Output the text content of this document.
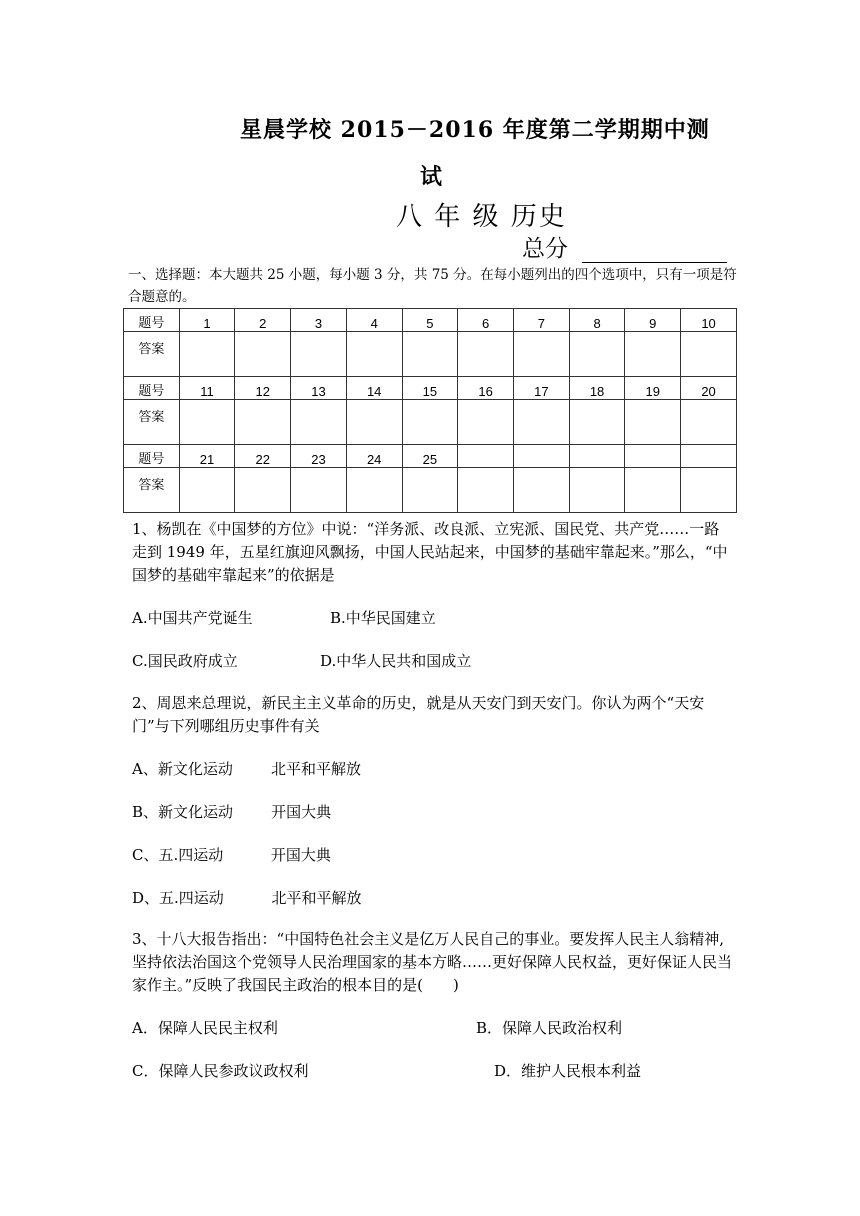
星晨学校 2015－2016 年度第二学期期中测
试
八 年 级 历史
总分
一、选择题：本大题共 25 小题，每小题 3 分，共 75 分。在每小题列出的四个选项中，只有一项是符合题意的。
题号	1	2	3	4	5	6	7	8	9	10
答案										
题号	11	12	13	14	15	16	17	18	19	20
答案										
题号	21	22	23	24	25					
答案										
1、杨凯在《中国梦的方位》中说：“洋务派、改良派、立宪派、国民党、共产党……一路走到 1949 年，五星红旗迎风飘扬，中国人民站起来，中国梦的基础牢靠起来。”那么，“中国梦的基础牢靠起来”的依据是
A.中国共产党诞生	B.中华民国建立
C.国民政府成立	D.中华人民共和国成立
2、周恩来总理说，新民主主义革命的历史，就是从天安门到天安门。你认为两个“天安门”与下列哪组历史事件有关
A、新文化运动        北平和平解放
B、新文化运动        开国大典
C、五.四运动          开国大典
D、五.四运动          北平和平解放
3、十八大报告指出：“中国特色社会主义是亿万人民自己的事业。要发挥人民主人翁精神,坚持依法治国这个党领导人民治理国家的基本方略……更好保障人民权益，更好保证人民当家作主。”反映了我国民主政治的根本目的是(　　)
A．保障人民民主权利	B．保障人民政治权利
C．保障人民参政议政权利	D．维护人民根本利益
